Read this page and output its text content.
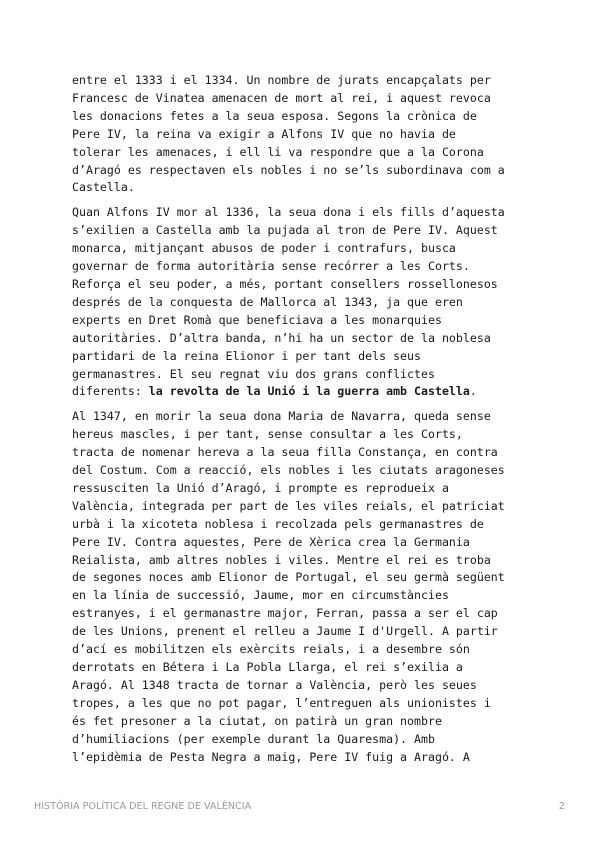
entre el 1333 i el 1334. Un nombre de jurats encapçalats per
Francesc de Vinatea amenacen de mort al rei, i aquest revoca
les donacions fetes a la seua esposa. Segons la crònica de
Pere IV, la reina va exigir a Alfons IV que no havia de
tolerar les amenaces, i ell li va respondre que a la Corona
d’Aragó es respectaven els nobles i no se’ls subordinava com a
Castella.

Quan Alfons IV mor al 1336, la seua dona i els fills d’aquesta
s’exilien a Castella amb la pujada al tron de Pere IV. Aquest
monarca, mitjançant abusos de poder i contrafurs, busca
governar de forma autoritària sense recórrer a les Corts.
Reforça el seu poder, a més, portant consellers rossellonesos
després de la conquesta de Mallorca al 1343, ja que eren
experts en Dret Romà que beneficiava a les monarquies
autoritàries. D’altra banda, n’hi ha un sector de la noblesa
partidari de la reina Elionor i per tant dels seus
germanastres. El seu regnat viu dos grans conflictes
diferents: la revolta de la Unió i la guerra amb Castella.

Al 1347, en morir la seua dona Maria de Navarra, queda sense
hereus mascles, i per tant, sense consultar a les Corts,
tracta de nomenar hereva a la seua filla Constança, en contra
del Costum. Com a reacció, els nobles i les ciutats aragoneses
ressusciten la Unió d’Aragó, i prompte es reprodueix a
València, integrada per part de les viles reials, el patriciat
urbà i la xicoteta noblesa i recolzada pels germanastres de
Pere IV. Contra aquestes, Pere de Xèrica crea la Germania
Reialista, amb altres nobles i viles. Mentre el rei es troba
de segones noces amb Elionor de Portugal, el seu germà següent
en la línia de successió, Jaume, mor en circumstàncies
estranyes, i el germanastre major, Ferran, passa a ser el cap
de les Unions, prenent el relleu a Jaume I d'Urgell. A partir
d’ací es mobilitzen els exèrcits reials, i a desembre són
derrotats en Bétera i La Pobla Llarga, el rei s’exilia a
Aragó. Al 1348 tracta de tornar a València, però les seues
tropes, a les que no pot pagar, l’entreguen als unionistes i
és fet presoner a la ciutat, on patirà un gran nombre
d’humiliacions (per exemple durant la Quaresma). Amb
l’epidèmia de Pesta Negra a maig, Pere IV fuig a Aragó. A

HISTÒRIA POLÍTICA DEL REGNE DE VALÈNCIA	2
